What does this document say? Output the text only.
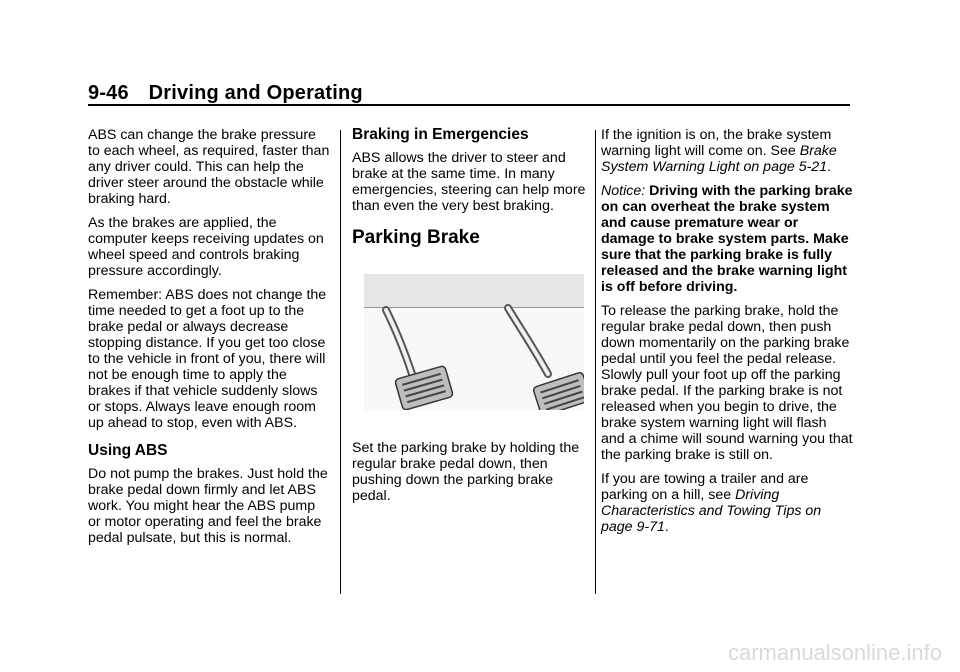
9-46 Driving and Operating

ABS can change the brake pressure to each wheel, as required, faster than any driver could. This can help the driver steer around the obstacle while braking hard.

As the brakes are applied, the computer keeps receiving updates on wheel speed and controls braking pressure accordingly.

Remember: ABS does not change the time needed to get a foot up to the brake pedal or always decrease stopping distance. If you get too close to the vehicle in front of you, there will not be enough time to apply the brakes if that vehicle suddenly slows or stops. Always leave enough room up ahead to stop, even with ABS.

Using ABS

Do not pump the brakes. Just hold the brake pedal down firmly and let ABS work. You might hear the ABS pump or motor operating and feel the brake pedal pulsate, but this is normal.

Braking in Emergencies

ABS allows the driver to steer and brake at the same time. In many emergencies, steering can help more than even the very best braking.

Parking Brake

Set the parking brake by holding the regular brake pedal down, then pushing down the parking brake pedal.

If the ignition is on, the brake system warning light will come on. See Brake System Warning Light on page 5-21.

Notice: Driving with the parking brake on can overheat the brake system and cause premature wear or damage to brake system parts. Make sure that the parking brake is fully released and the brake warning light is off before driving.

To release the parking brake, hold the regular brake pedal down, then push down momentarily on the parking brake pedal until you feel the pedal release. Slowly pull your foot up off the parking brake pedal. If the parking brake is not released when you begin to drive, the brake system warning light will flash and a chime will sound warning you that the parking brake is still on.

If you are towing a trailer and are parking on a hill, see Driving Characteristics and Towing Tips on page 9-71.

carmanualsonline.info
